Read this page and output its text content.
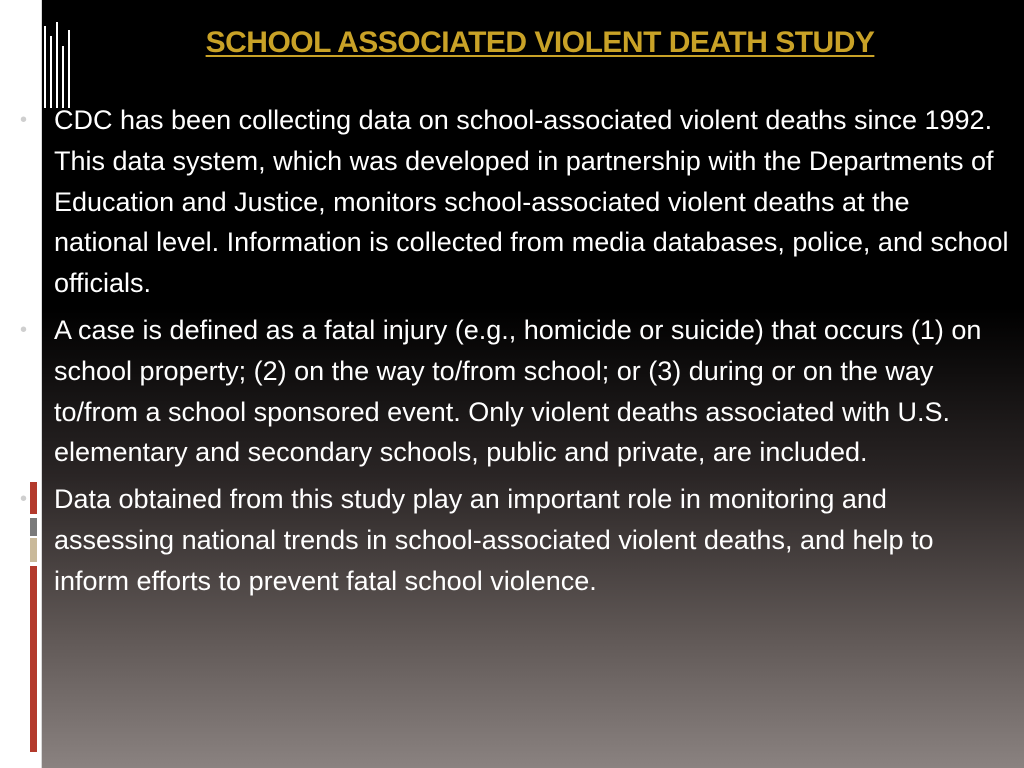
SCHOOL ASSOCIATED VIOLENT DEATH STUDY
• CDC has been collecting data on school-associated violent deaths since 1992. This data system, which was developed in partnership with the Departments of Education and Justice, monitors school-associated violent deaths at the national level. Information is collected from media databases, police, and school officials.
• A case is defined as a fatal injury (e.g., homicide or suicide) that occurs (1) on school property; (2) on the way to/from school; or (3) during or on the way to/from a school sponsored event. Only violent deaths associated with U.S. elementary and secondary schools, public and private, are included.
• Data obtained from this study play an important role in monitoring and assessing national trends in school-associated violent deaths, and help to inform efforts to prevent fatal school violence.
